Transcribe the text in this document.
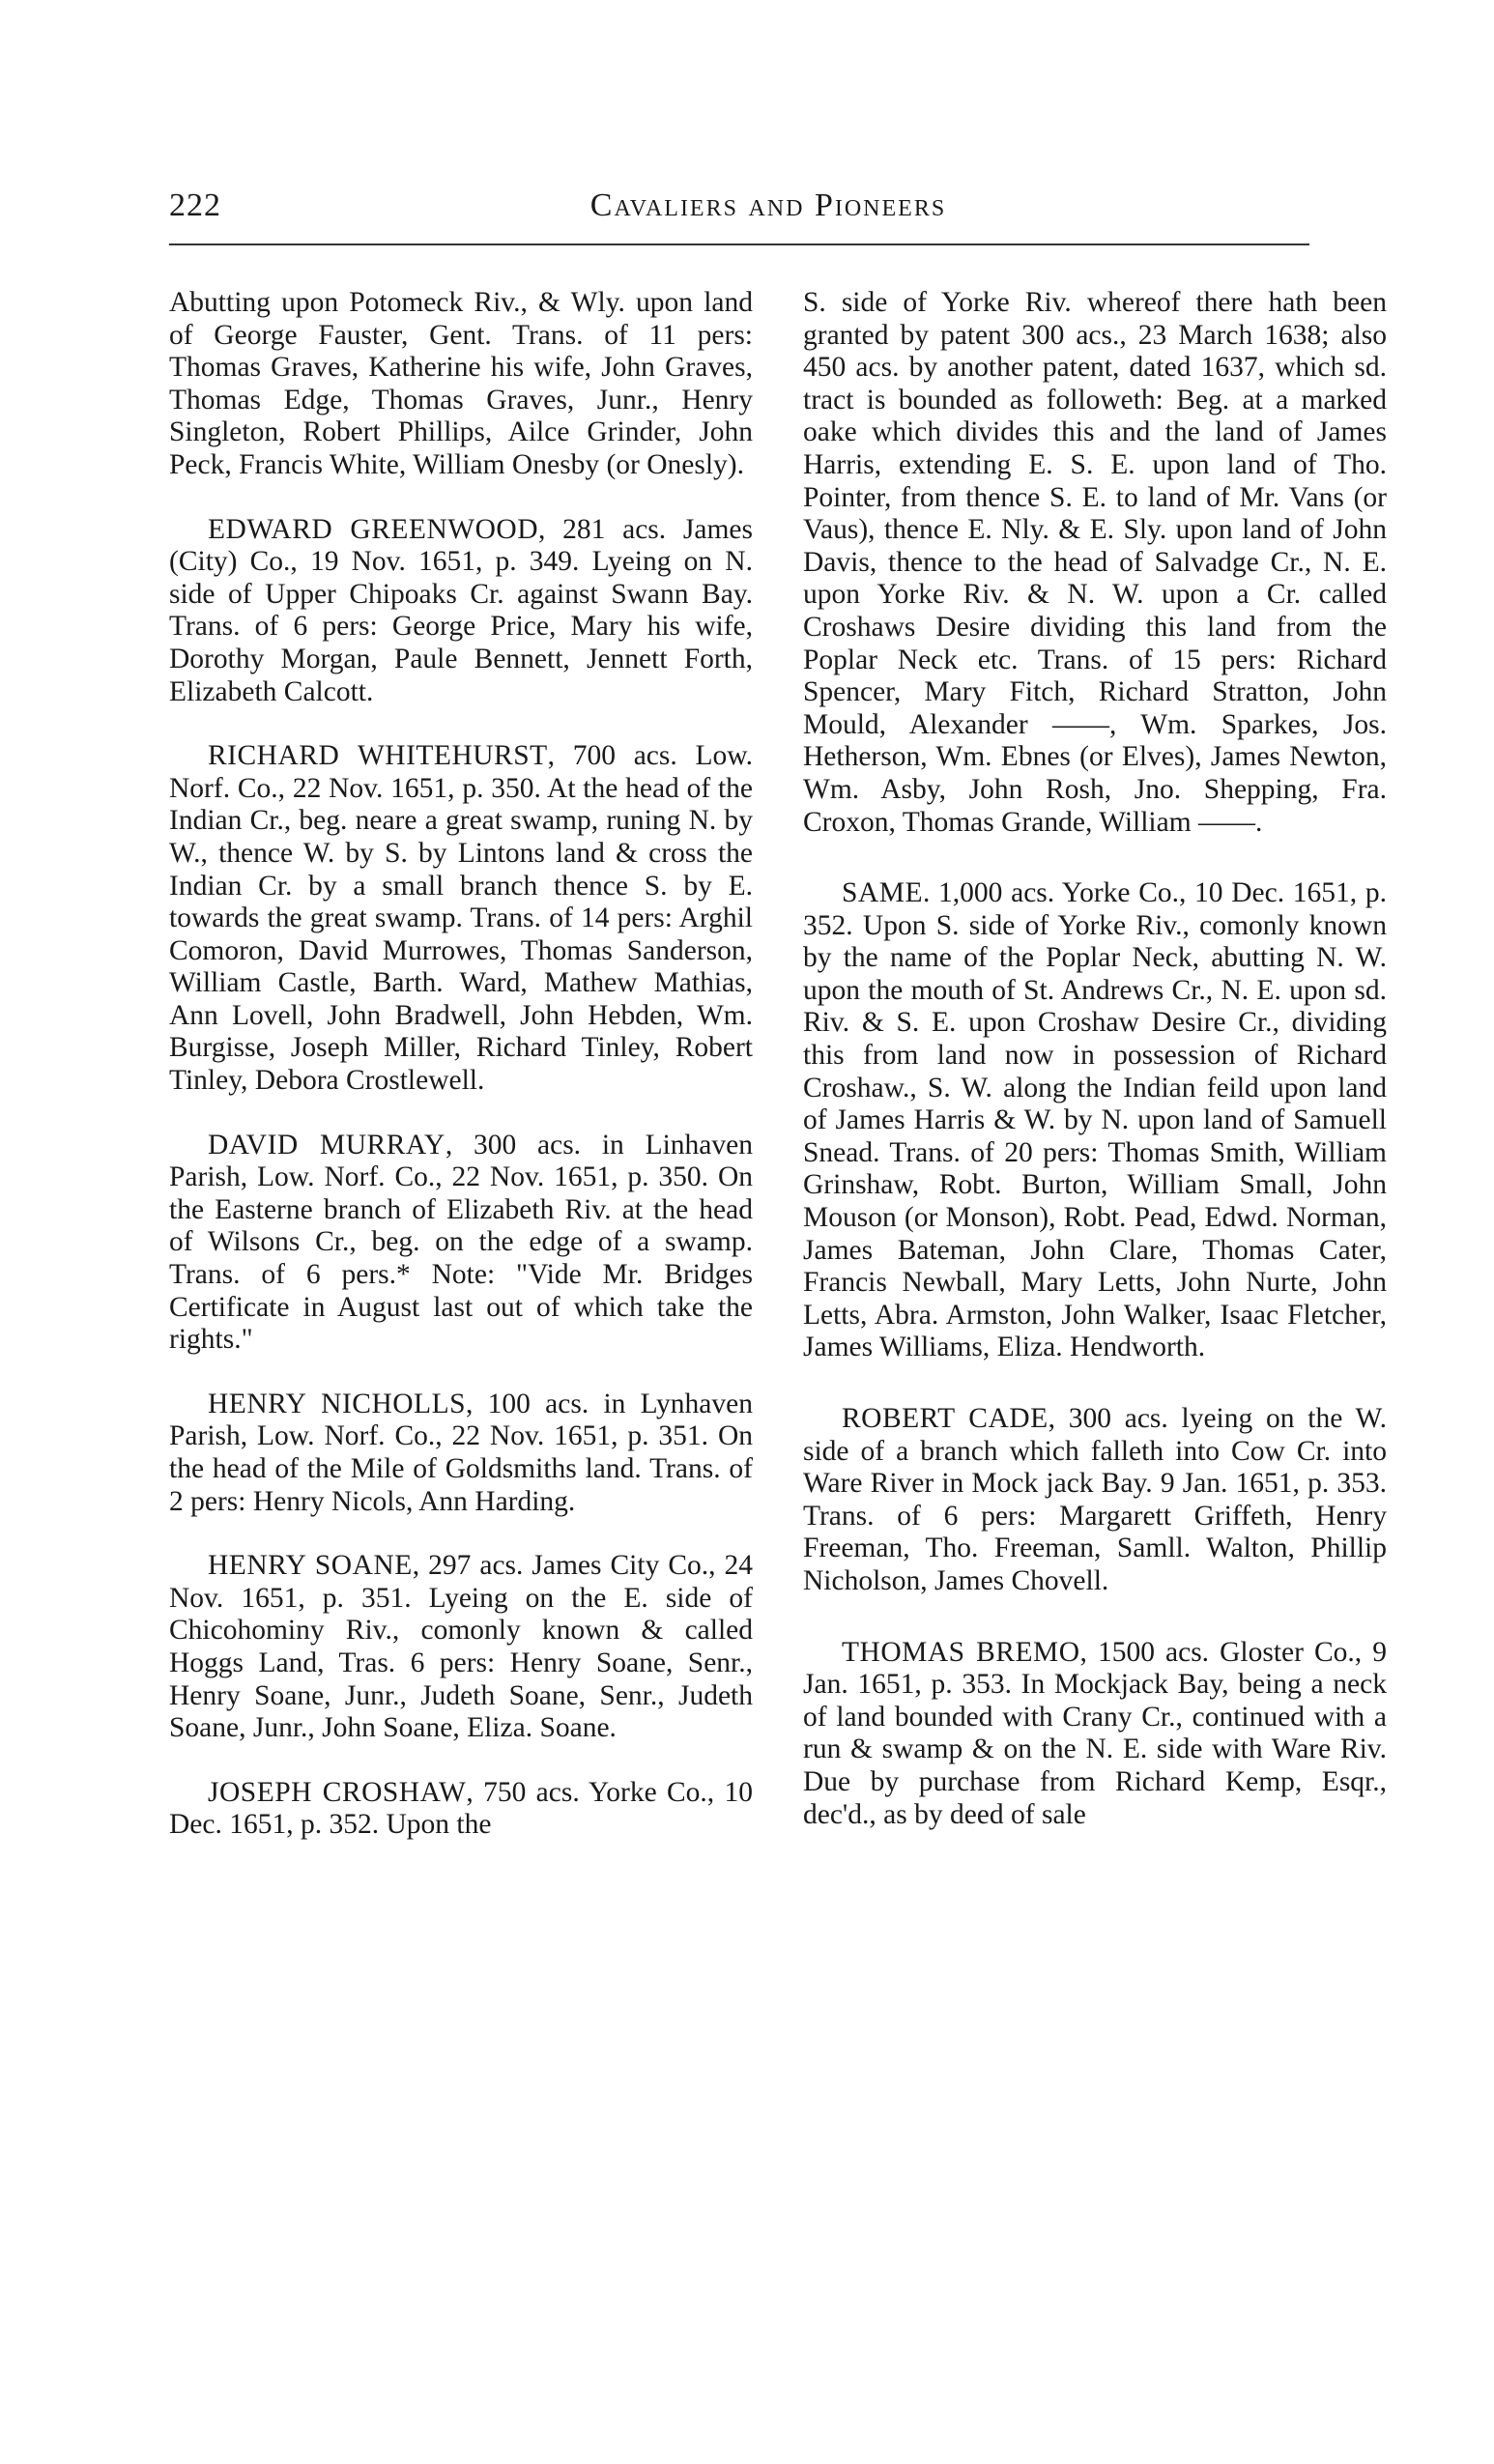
222	Cavaliers and Pioneers

Abutting upon Potomeck Riv., & Wly. upon land of George Fauster, Gent. Trans. of 11 pers: Thomas Graves, Katherine his wife, John Graves, Thomas Edge, Thomas Graves, Junr., Henry Singleton, Robert Phillips, Ailce Grinder, John Peck, Francis White, William Onesby (or Onesly).

EDWARD GREENWOOD, 281 acs. James (City) Co., 19 Nov. 1651, p. 349. Lyeing on N. side of Upper Chipoaks Cr. against Swann Bay. Trans. of 6 pers: George Price, Mary his wife, Dorothy Morgan, Paule Bennett, Jennett Forth, Elizabeth Calcott.

RICHARD WHITEHURST, 700 acs. Low. Norf. Co., 22 Nov. 1651, p. 350. At the head of the Indian Cr., beg. neare a great swamp, runing N. by W., thence W. by S. by Lintons land & cross the Indian Cr. by a small branch thence S. by E. towards the great swamp. Trans. of 14 pers: Arghil Comoron, David Murrowes, Thomas Sanderson, William Castle, Barth. Ward, Mathew Mathias, Ann Lovell, John Bradwell, John Hebden, Wm. Burgisse, Joseph Miller, Richard Tinley, Robert Tinley, Debora Crostlewell.

DAVID MURRAY, 300 acs. in Linhaven Parish, Low. Norf. Co., 22 Nov. 1651, p. 350. On the Easterne branch of Elizabeth Riv. at the head of Wilsons Cr., beg. on the edge of a swamp. Trans. of 6 pers.* Note: "Vide Mr. Bridges Certificate in August last out of which take the rights."

HENRY NICHOLLS, 100 acs. in Lynhaven Parish, Low. Norf. Co., 22 Nov. 1651, p. 351. On the head of the Mile of Goldsmiths land. Trans. of 2 pers: Henry Nicols, Ann Harding.

HENRY SOANE, 297 acs. James City Co., 24 Nov. 1651, p. 351. Lyeing on the E. side of Chicohominy Riv., comonly known & called Hoggs Land, Tras. 6 pers: Henry Soane, Senr., Henry Soane, Junr., Judeth Soane, Senr., Judeth Soane, Junr., John Soane, Eliza. Soane.

JOSEPH CROSHAW, 750 acs. Yorke Co., 10 Dec. 1651, p. 352. Upon the

S. side of Yorke Riv. whereof there hath been granted by patent 300 acs., 23 March 1638; also 450 acs. by another patent, dated 1637, which sd. tract is bounded as followeth: Beg. at a marked oake which divides this and the land of James Harris, extending E. S. E. upon land of Tho. Pointer, from thence S. E. to land of Mr. Vans (or Vaus), thence E. Nly. & E. Sly. upon land of John Davis, thence to the head of Salvadge Cr., N. E. upon Yorke Riv. & N. W. upon a Cr. called Croshaws Desire dividing this land from the Poplar Neck etc. Trans. of 15 pers: Richard Spencer, Mary Fitch, Richard Stratton, John Mould, Alexander ——, Wm. Sparkes, Jos. Hetherson, Wm. Ebnes (or Elves), James Newton, Wm. Asby, John Rosh, Jno. Shepping, Fra. Croxon, Thomas Grande, William ——.

SAME. 1,000 acs. Yorke Co., 10 Dec. 1651, p. 352. Upon S. side of Yorke Riv., comonly known by the name of the Poplar Neck, abutting N. W. upon the mouth of St. Andrews Cr., N. E. upon sd. Riv. & S. E. upon Croshaw Desire Cr., dividing this from land now in possession of Richard Croshaw., S. W. along the Indian feild upon land of James Harris & W. by N. upon land of Samuell Snead. Trans. of 20 pers: Thomas Smith, William Grinshaw, Robt. Burton, William Small, John Mouson (or Monson), Robt. Pead, Edwd. Norman, James Bateman, John Clare, Thomas Cater, Francis Newball, Mary Letts, John Nurte, John Letts, Abra. Armston, John Walker, Isaac Fletcher, James Williams, Eliza. Hendworth.

ROBERT CADE, 300 acs. lyeing on the W. side of a branch which falleth into Cow Cr. into Ware River in Mock jack Bay. 9 Jan. 1651, p. 353. Trans. of 6 pers: Margarett Griffeth, Henry Freeman, Tho. Freeman, Samll. Walton, Phillip Nicholson, James Chovell.

THOMAS BREMO, 1500 acs. Gloster Co., 9 Jan. 1651, p. 353. In Mockjack Bay, being a neck of land bounded with Crany Cr., continued with a run & swamp & on the N. E. side with Ware Riv. Due by purchase from Richard Kemp, Esqr., dec'd., as by deed of sale
